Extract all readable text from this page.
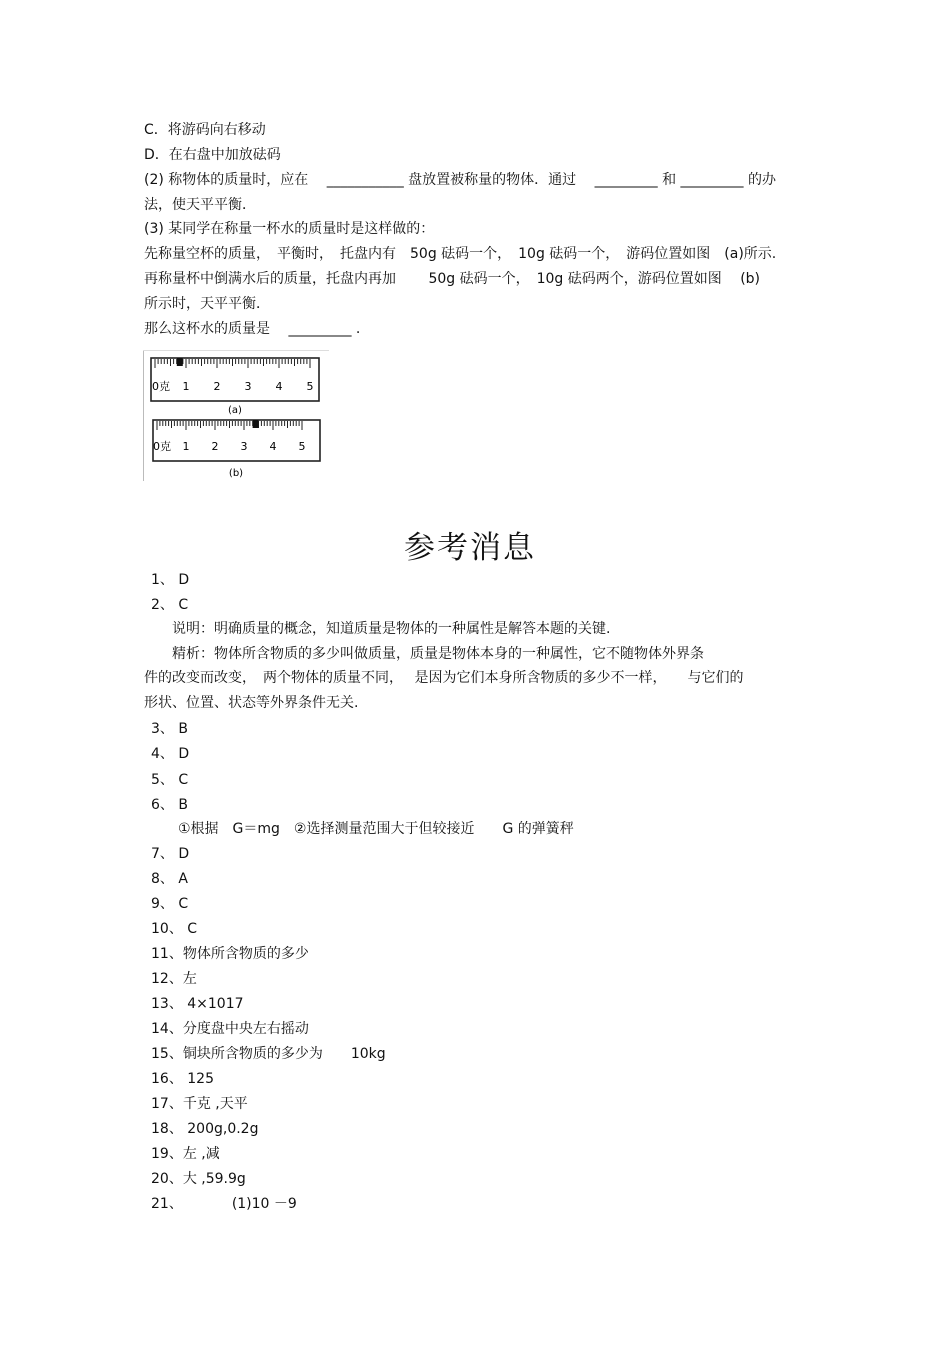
C．将游码向右移动
D．在右盘中加放砝码
(2) 称物体的质量时，应在　 ___________ 盘放置被称量的物体．通过　 _________ 和 _________ 的办
法，使天平平衡．
(3) 某同学在称量一杯水的质量时是这样做的：
先称量空杯的质量，　平衡时，　托盘内有　50g 砝码一个，　10g 砝码一个，　游码位置如图　(a)所示.
再称量杯中倒满水后的质量，托盘内再加　　 50g 砝码一个，　10g 砝码两个，游码位置如图　 (b)
所示时，天平平衡．
那么这杯水的质量是　 _________ .
0克 1 2 3 4 5
(a)
0克 1 2 3 4 5
(b)
参考消息
1、 D
2、 C
说明：明确质量的概念，知道质量是物体的一种属性是解答本题的关键.
精析：物体所含物质的多少叫做质量，质量是物体本身的一种属性，它不随物体外界条
件的改变而改变，　两个物体的质量不同，　 是因为它们本身所含物质的多少不一样，　　与它们的
形状、位置、状态等外界条件无关.
3、 B
4、 D
5、 C
6、 B
①根据　G＝mg　②选择测量范围大于但较接近　　G 的弹簧秤
7、 D
8、 A
9、 C
10、 C
11、物体所含物质的多少
12、左
13、 4×1017
14、分度盘中央左右摇动
15、铜块所含物质的多少为　　10kg
16、 125
17、千克 ,天平
18、 200g,0.2g
19、左 ,减
20、大 ,59.9g
21、　　　　(1)10 －9
